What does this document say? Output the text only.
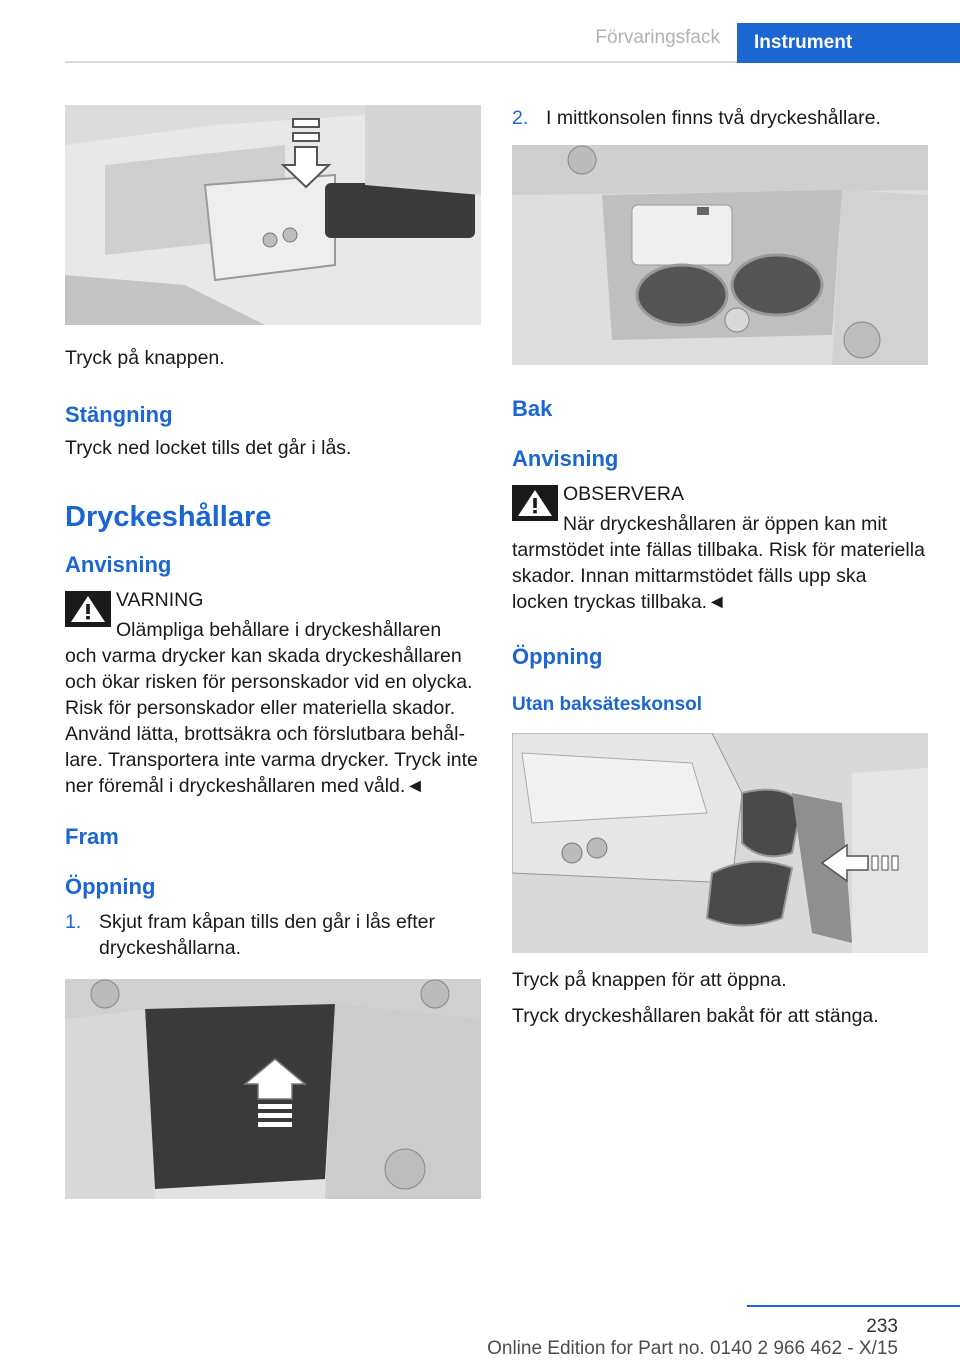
Förvaringsfack	Instrument

Tryck på knappen.

Stängning

Tryck ned locket tills det går i lås.

Dryckeshållare
Anvisning

VARNING

Olämpliga behållare i dryckeshållaren

och varma drycker kan skada dryckeshållaren och ökar risken för personskador vid en olycka. Risk för personskador eller materiella skador. Använd lätta, brottsäkra och förslutbara behållare. Transportera inte varma drycker. Tryck inte ner föremål i dryckeshållaren med våld.◄

Fram
Öppning
1. Skjut fram kåpan tills den går i lås efter dryckeshållarna.

2. I mittkonsolen finns två dryckeshållare.

Bak
Anvisning

OBSERVERA

När dryckeshållaren är öppen kan mit

tarmstödet inte fällas tillbaka. Risk för materiella skador. Innan mittarmstödet fälls upp ska locken tryckas tillbaka.◄

Öppning
Utan baksäteskonsol

Tryck på knappen för att öppna.

Tryck dryckeshållaren bakåt för att stänga.

233
Online Edition for Part no. 0140 2 966 462 - X/15
